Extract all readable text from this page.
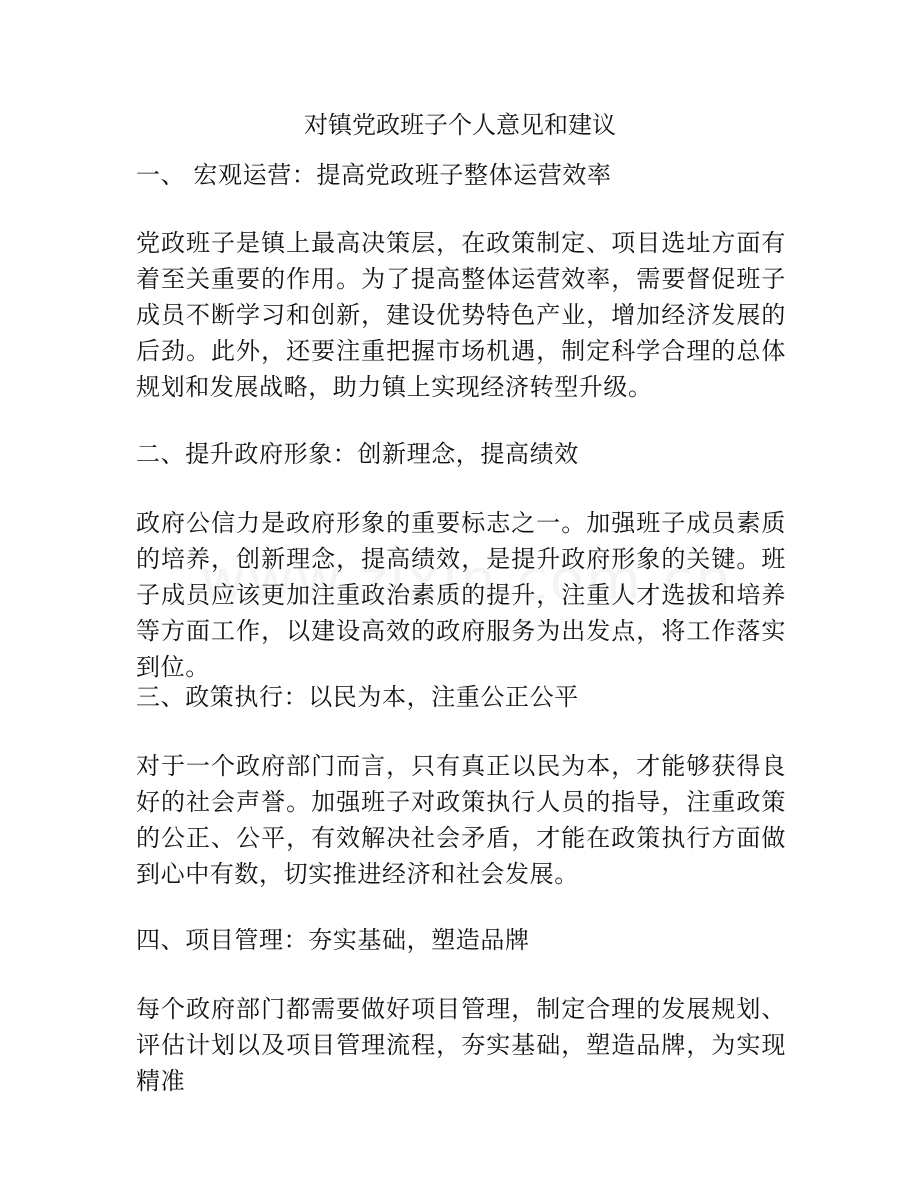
对镇党政班子个人意见和建议

一、 宏观运营：提高党政班子整体运营效率

党政班子是镇上最高决策层，在政策制定、项目选址方面有着至关重要的作用。为了提高整体运营效率，需要督促班子成员不断学习和创新，建设优势特色产业，增加经济发展的后劲。此外，还要注重把握市场机遇，制定科学合理的总体规划和发展战略，助力镇上实现经济转型升级。

二、提升政府形象：创新理念，提高绩效

政府公信力是政府形象的重要标志之一。加强班子成员素质的培养，创新理念，提高绩效，是提升政府形象的关键。班子成员应该更加注重政治素质的提升，注重人才选拔和培养等方面工作，以建设高效的政府服务为出发点，将工作落实到位。

三、政策执行：以民为本，注重公正公平

对于一个政府部门而言，只有真正以民为本，才能够获得良好的社会声誉。加强班子对政策执行人员的指导，注重政策的公正、公平，有效解决社会矛盾，才能在政策执行方面做到心中有数，切实推进经济和社会发展。

四、项目管理：夯实基础，塑造品牌

每个政府部门都需要做好项目管理，制定合理的发展规划、评估计划以及项目管理流程，夯实基础，塑造品牌，为实现精准
